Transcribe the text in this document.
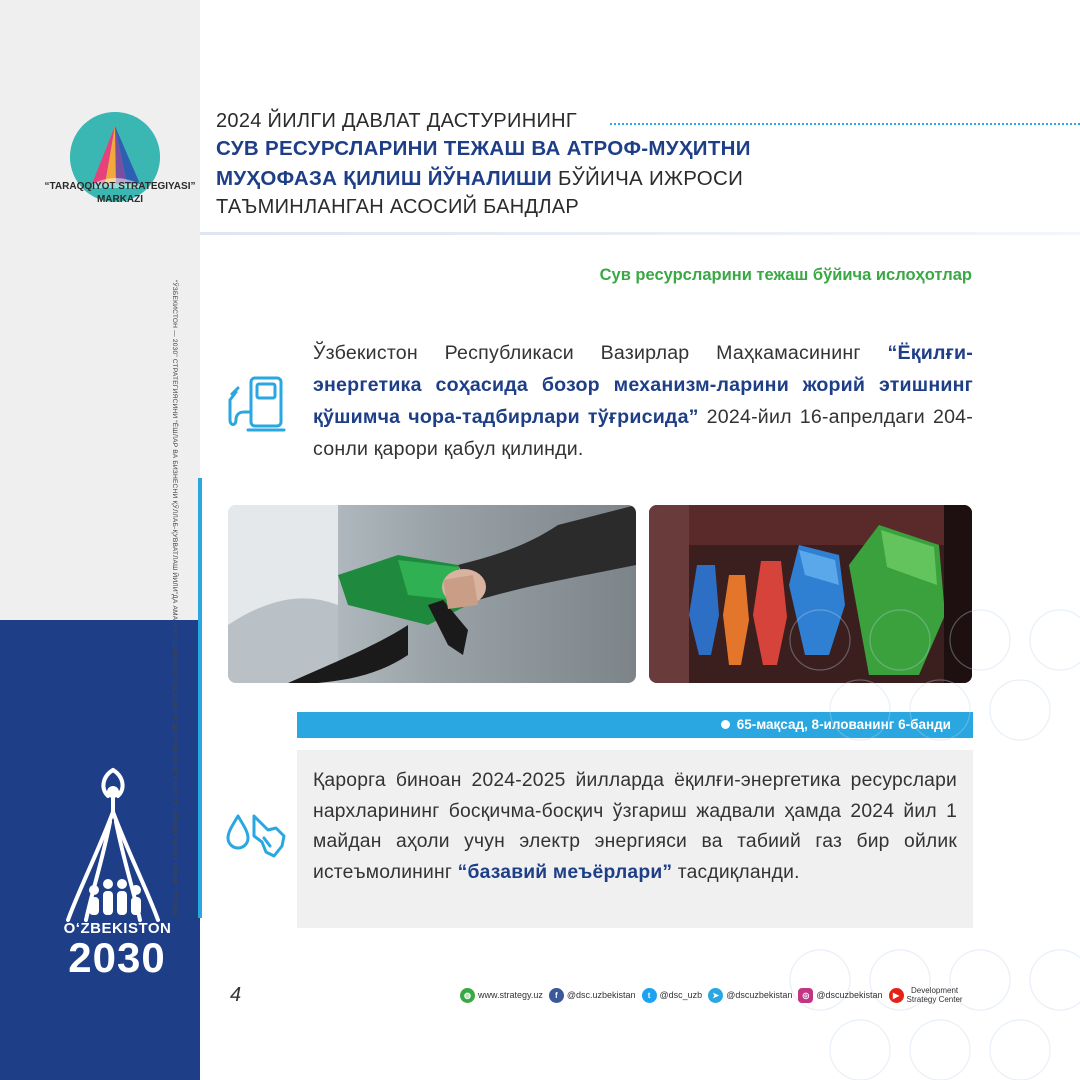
“TARAQQIYOT STRATEGIYASI”
MARKAZI
“ЎЗБЕКИСТОН — 2030” СТРАТЕГИЯСИНИ “ЁШЛАР ВА БИЗНЕСНИ ҚЎЛЛАБ-ҚУВВАТЛАШ ЙИЛИ”ДА АМАЛГА ОШИРИШГА ОИД ДАВЛАТ ДАСТУРИНИНГ ИЖРОСИ БЎЙИЧА ИНФОГРАФИК ТЎПЛАМ
O‘ZBEKISTON
2030
2024 ЙИЛГИ ДАВЛАТ ДАСТУРИНИНГ
СУВ РЕСУРСЛАРИНИ ТЕЖАШ ВА АТРОФ-МУҲИТНИ
МУҲОФАЗА ҚИЛИШ ЙЎНАЛИШИ БЎЙИЧА ИЖРОСИ
ТАЪМИНЛАНГАН АСОСИЙ БАНДЛАР
Сув ресурсларини тежаш бўйича ислоҳотлар
Ўзбекистон Республикаси Вазирлар Маҳкамасининг “Ёқилғи-энергетика соҳасида бозор механизм-ларини жорий этишнинг қўшимча чора-тадбирлари тўғрисида” 2024-йил 16-апрелдаги 204-сонли қарори қабул қилинди.
65-мақсад, 8-илованинг 6-банди
Қарорга биноан 2024-2025 йилларда ёқилғи-энергетика ресурслари нархларининг босқичма-босқич ўзгариш жадвали ҳамда 2024 йил 1 майдан аҳоли учун электр энергияси ва табиий газ бир ойлик истеъмолининг “базавий меъёрлари” тасдиқланди.
4	◍ www.strategy.uz	f	@dsc.uzbekistan	t	@dsc_uzb	➤ @dscuzbekistan	◎ @dscuzbekistan	▶	Development
Strategy Center
